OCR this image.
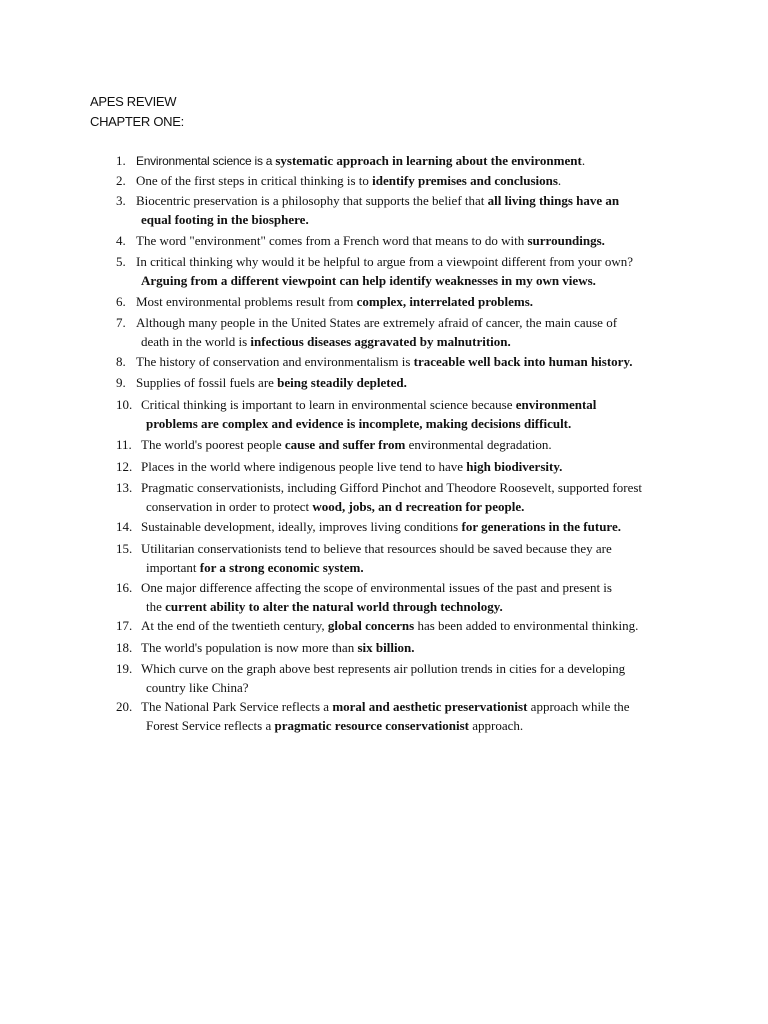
APES REVIEW
CHAPTER ONE:
1. Environmental science is a systematic approach in learning about the environment.
2. One of the first steps in critical thinking is to identify premises and conclusions.
3. Biocentric preservation is a philosophy that supports the belief that all living things have an
equal footing in the biosphere.
4. The word "environment" comes from a French word that means to do with surroundings.
5. In critical thinking why would it be helpful to argue from a viewpoint different from your own?
Arguing from a different viewpoint can help identify weaknesses in my own views.
6. Most environmental problems result from complex, interrelated problems.
7. Although many people in the United States are extremely afraid of cancer, the main cause of
death in the world is infectious diseases aggravated by malnutrition.
8. The history of conservation and environmentalism is traceable well back into human history.
9. Supplies of fossil fuels are being steadily depleted.
10. Critical thinking is important to learn in environmental science because environmental
problems are complex and evidence is incomplete, making decisions difficult.
11. The world's poorest people cause and suffer from environmental degradation.
12. Places in the world where indigenous people live tend to have high biodiversity.
13. Pragmatic conservationists, including Gifford Pinchot and Theodore Roosevelt, supported forest
conservation in order to protect wood, jobs, an d recreation for people.
14. Sustainable development, ideally, improves living conditions for generations in the future.
15. Utilitarian conservationists tend to believe that resources should be saved because they are
important for a strong economic system.
16. One major difference affecting the scope of environmental issues of the past and present is
the current ability to alter the natural world through technology.
17. At the end of the twentieth century, global concerns has been added to environmental thinking.
18. The world's population is now more than six billion.
19. Which curve on the graph above best represents air pollution trends in cities for a developing
country like China?
20. The National Park Service reflects a moral and aesthetic preservationist approach while the
Forest Service reflects a pragmatic resource conservationist approach.
